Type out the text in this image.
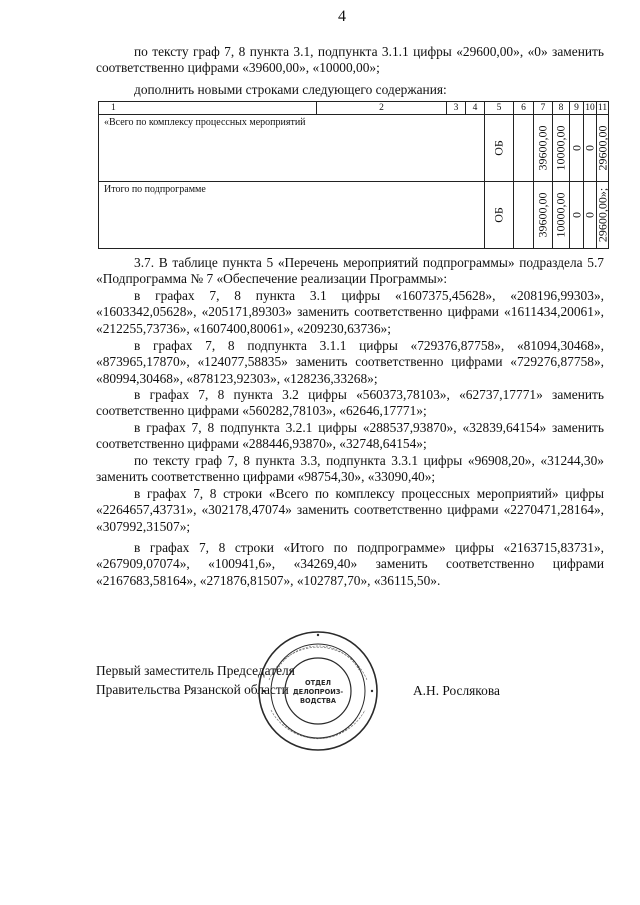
4
по тексту граф 7, 8 пункта 3.1, подпункта 3.1.1 цифры «29600,00», «0» заменить соответственно цифрами «39600,00», «10000,00»;
дополнить новыми строками следующего содержания:
1	2	3	4	5	6	7	8	9	10	11
«Всего по комплексу процессных мероприятий				ОБ		39600,00	10000,00	0	0	29600,00

Итого по подпрограмме				ОБ		39600,00	10000,00	0	0	29600,00»;
3.7. В таблице пункта 5 «Перечень мероприятий подпрограммы» подраздела 5.7 «Подпрограмма № 7 «Обеспечение реализации Программы»:
в графах 7, 8 пункта 3.1 цифры «1607375,45628», «208196,99303», «1603342,05628», «205171,89303» заменить соответственно цифрами «1611434,20061», «212255,73736», «1607400,80061», «209230,63736»;
в графах 7, 8 подпункта 3.1.1 цифры «729376,87758», «81094,30468», «873965,17870», «124077,58835» заменить соответственно цифрами «729276,87758», «80994,30468», «878123,92303», «128236,33268»;
в графах 7, 8 пункта 3.2 цифры «560373,78103», «62737,17771» заменить соответственно цифрами «560282,78103», «62646,17771»;
в графах 7, 8 подпункта 3.2.1 цифры «288537,93870», «32839,64154» заменить соответственно цифрами «288446,93870», «32748,64154»;
по тексту граф 7, 8 пункта 3.3, подпункта 3.3.1 цифры «96908,20», «31244,30» заменить соответственно цифрами «98754,30», «33090,40»;
в графах 7, 8 строки «Всего по комплексу процессных мероприятий» цифры «2264657,43731», «302178,47074» заменить соответственно цифрами «2270471,28164», «307992,31507»;
в графах 7, 8 строки «Итого по подпрограмме» цифры «2163715,83731», «267909,07074», «100941,6», «34269,40» заменить соответственно цифрами «2167683,58164», «271876,81507», «102787,70», «36115,50».
ОТДЕЛ
ДЕЛОПРОИЗ-
ВОДСТВА
Первый заместитель Председателя
Правительства Рязанской области	А.Н. Рослякова
